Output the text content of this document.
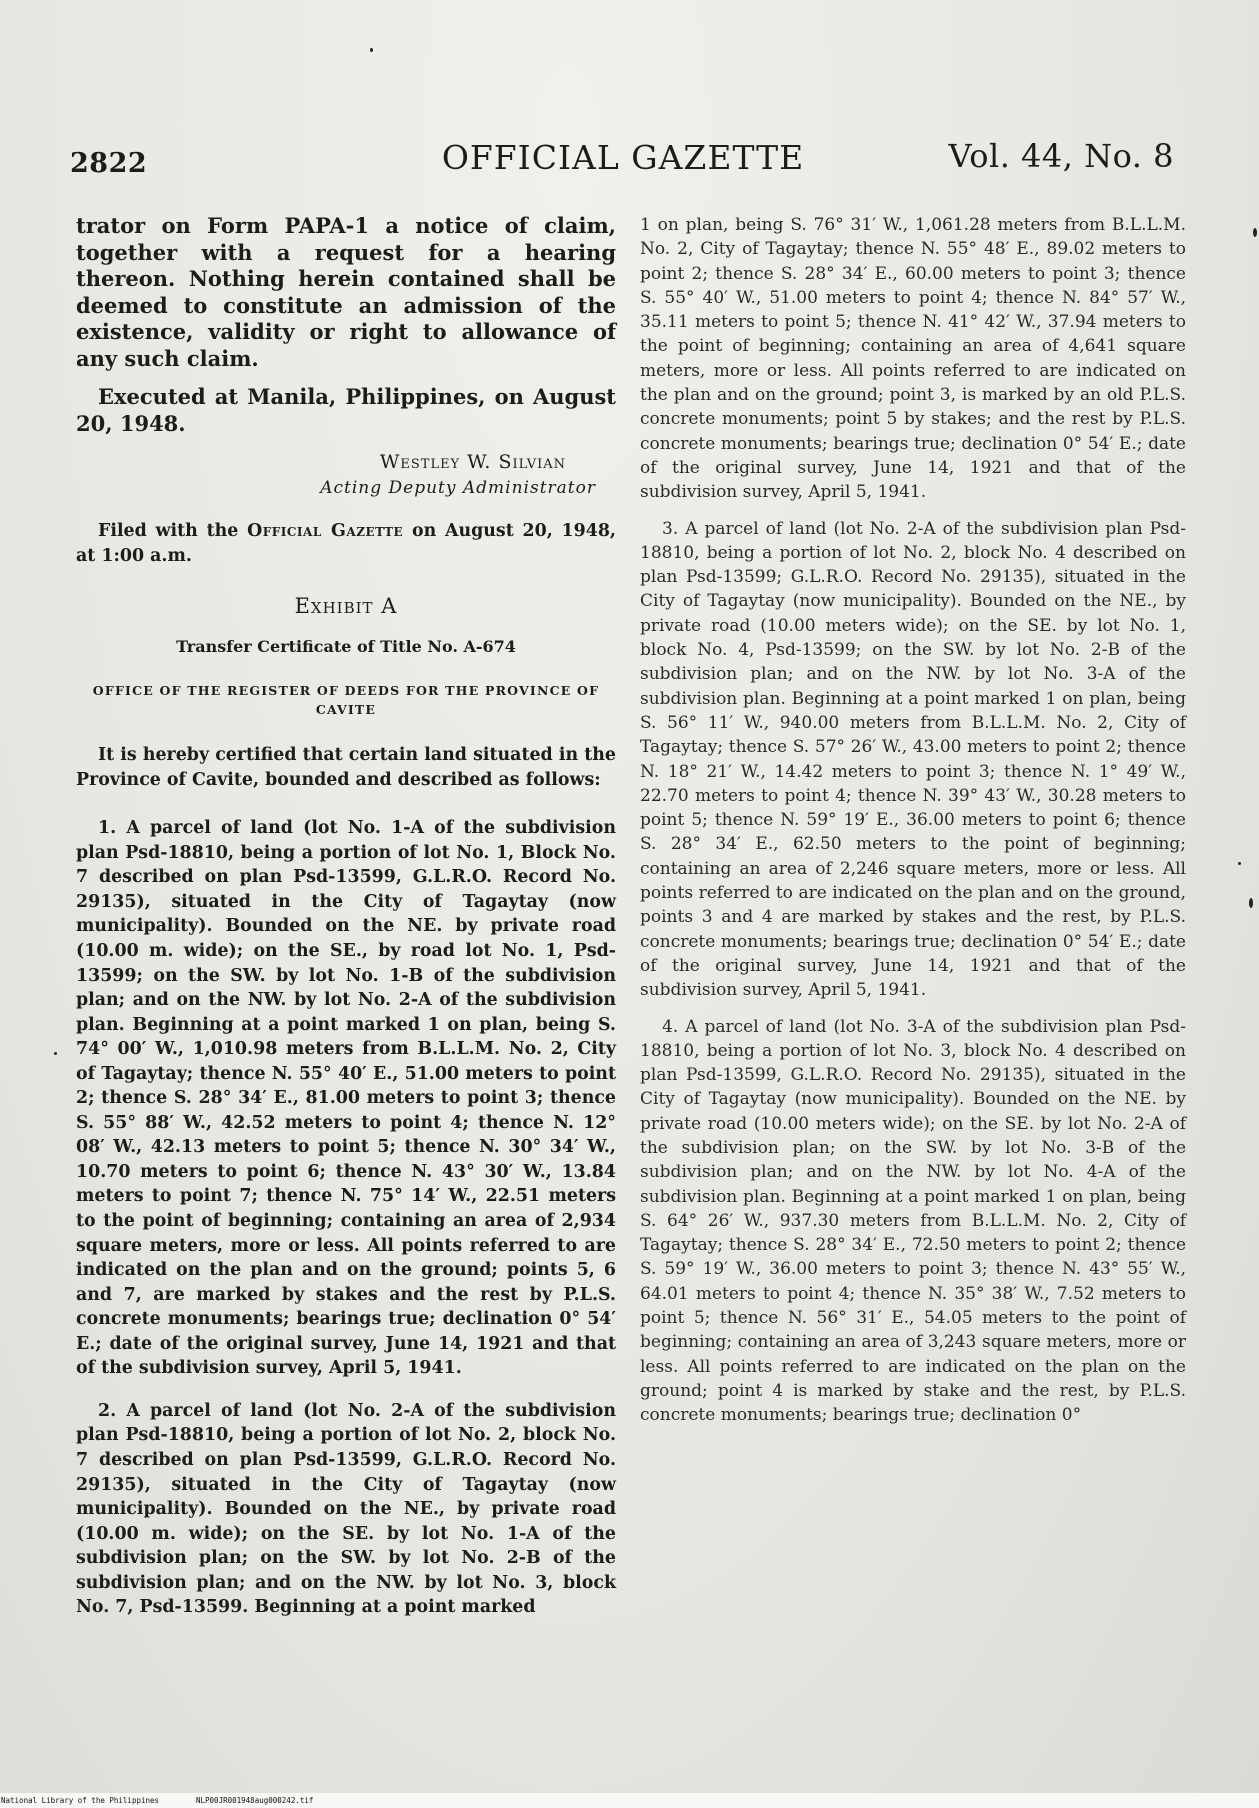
2822	OFFICIAL GAZETTE	Vol. 44, No. 8

trator on Form PAPA-1 a notice of claim, together with a request for a hearing thereon. Nothing herein contained shall be deemed to constitute an admission of the existence, validity or right to allowance of any such claim.

Executed at Manila, Philippines, on August 20, 1948.

Westley W. Silvian
Acting Deputy Administrator

Filed with the Official Gazette on August 20, 1948, at 1:00 a.m.

Exhibit A
Transfer Certificate of Title No. A-674
OFFICE OF THE REGISTER OF DEEDS FOR THE PROVINCE OF CAVITE

It is hereby certified that certain land situated in the Province of Cavite, bounded and described as follows:

1. A parcel of land (lot No. 1-A of the subdivision plan Psd-18810, being a portion of lot No. 1, Block No. 7 described on plan Psd-13599, G.L.R.O. Record No. 29135), situated in the City of Tagaytay (now municipality). Bounded on the NE. by private road (10.00 m. wide); on the SE., by road lot No. 1, Psd-13599; on the SW. by lot No. 1-B of the subdivision plan; and on the NW. by lot No. 2-A of the subdivision plan. Beginning at a point marked 1 on plan, being S. 74° 00′ W., 1,010.98 meters from B.L.L.M. No. 2, City of Tagaytay; thence N. 55° 40′ E., 51.00 meters to point 2; thence S. 28° 34′ E., 81.00 meters to point 3; thence S. 55° 88′ W., 42.52 meters to point 4; thence N. 12° 08′ W., 42.13 meters to point 5; thence N. 30° 34′ W., 10.70 meters to point 6; thence N. 43° 30′ W., 13.84 meters to point 7; thence N. 75° 14′ W., 22.51 meters to the point of beginning; containing an area of 2,934 square meters, more or less. All points referred to are indicated on the plan and on the ground; points 5, 6 and 7, are marked by stakes and the rest by P.L.S. concrete monuments; bearings true; declination 0° 54′ E.; date of the original survey, June 14, 1921 and that of the subdivision survey, April 5, 1941.

2. A parcel of land (lot No. 2-A of the subdivision plan Psd-18810, being a portion of lot No. 2, block No. 7 described on plan Psd-13599, G.L.R.O. Record No. 29135), situated in the City of Tagaytay (now municipality). Bounded on the NE., by private road (10.00 m. wide); on the SE. by lot No. 1-A of the subdivision plan; on the SW. by lot No. 2-B of the subdivision plan; and on the NW. by lot No. 3, block No. 7, Psd-13599. Beginning at a point marked

1 on plan, being S. 76° 31′ W., 1,061.28 meters from B.L.L.M. No. 2, City of Tagaytay; thence N. 55° 48′ E., 89.02 meters to point 2; thence S. 28° 34′ E., 60.00 meters to point 3; thence S. 55° 40′ W., 51.00 meters to point 4; thence N. 84° 57′ W., 35.11 meters to point 5; thence N. 41° 42′ W., 37.94 meters to the point of beginning; containing an area of 4,641 square meters, more or less. All points referred to are indicated on the plan and on the ground; point 3, is marked by an old P.L.S. concrete monuments; point 5 by stakes; and the rest by P.L.S. concrete monuments; bearings true; declination 0° 54′ E.; date of the original survey, June 14, 1921 and that of the subdivision survey, April 5, 1941.

3. A parcel of land (lot No. 2-A of the subdivision plan Psd-18810, being a portion of lot No. 2, block No. 4 described on plan Psd-13599; G.L.R.O. Record No. 29135), situated in the City of Tagaytay (now municipality). Bounded on the NE., by private road (10.00 meters wide); on the SE. by lot No. 1, block No. 4, Psd-13599; on the SW. by lot No. 2-B of the subdivision plan; and on the NW. by lot No. 3-A of the subdivision plan. Beginning at a point marked 1 on plan, being S. 56° 11′ W., 940.00 meters from B.L.L.M. No. 2, City of Tagaytay; thence S. 57° 26′ W., 43.00 meters to point 2; thence N. 18° 21′ W., 14.42 meters to point 3; thence N. 1° 49′ W., 22.70 meters to point 4; thence N. 39° 43′ W., 30.28 meters to point 5; thence N. 59° 19′ E., 36.00 meters to point 6; thence S. 28° 34′ E., 62.50 meters to the point of beginning; containing an area of 2,246 square meters, more or less. All points referred to are indicated on the plan and on the ground, points 3 and 4 are marked by stakes and the rest, by P.L.S. concrete monuments; bearings true; declination 0° 54′ E.; date of the original survey, June 14, 1921 and that of the subdivision survey, April 5, 1941.

4. A parcel of land (lot No. 3-A of the subdivision plan Psd-18810, being a portion of lot No. 3, block No. 4 described on plan Psd-13599, G.L.R.O. Record No. 29135), situated in the City of Tagaytay (now municipality). Bounded on the NE. by private road (10.00 meters wide); on the SE. by lot No. 2-A of the subdivision plan; on the SW. by lot No. 3-B of the subdivision plan; and on the NW. by lot No. 4-A of the subdivision plan. Beginning at a point marked 1 on plan, being S. 64° 26′ W., 937.30 meters from B.L.L.M. No. 2, City of Tagaytay; thence S. 28° 34′ E., 72.50 meters to point 2; thence S. 59° 19′ W., 36.00 meters to point 3; thence N. 43° 55′ W., 64.01 meters to point 4; thence N. 35° 38′ W., 7.52 meters to point 5; thence N. 56° 31′ E., 54.05 meters to the point of beginning; containing an area of 3,243 square meters, more or less. All points referred to are indicated on the plan on the ground; point 4 is marked by stake and the rest, by P.L.S. concrete monuments; bearings true; declination 0°

National Library of the Philippines	NLP00JR001948aug000242.tif
